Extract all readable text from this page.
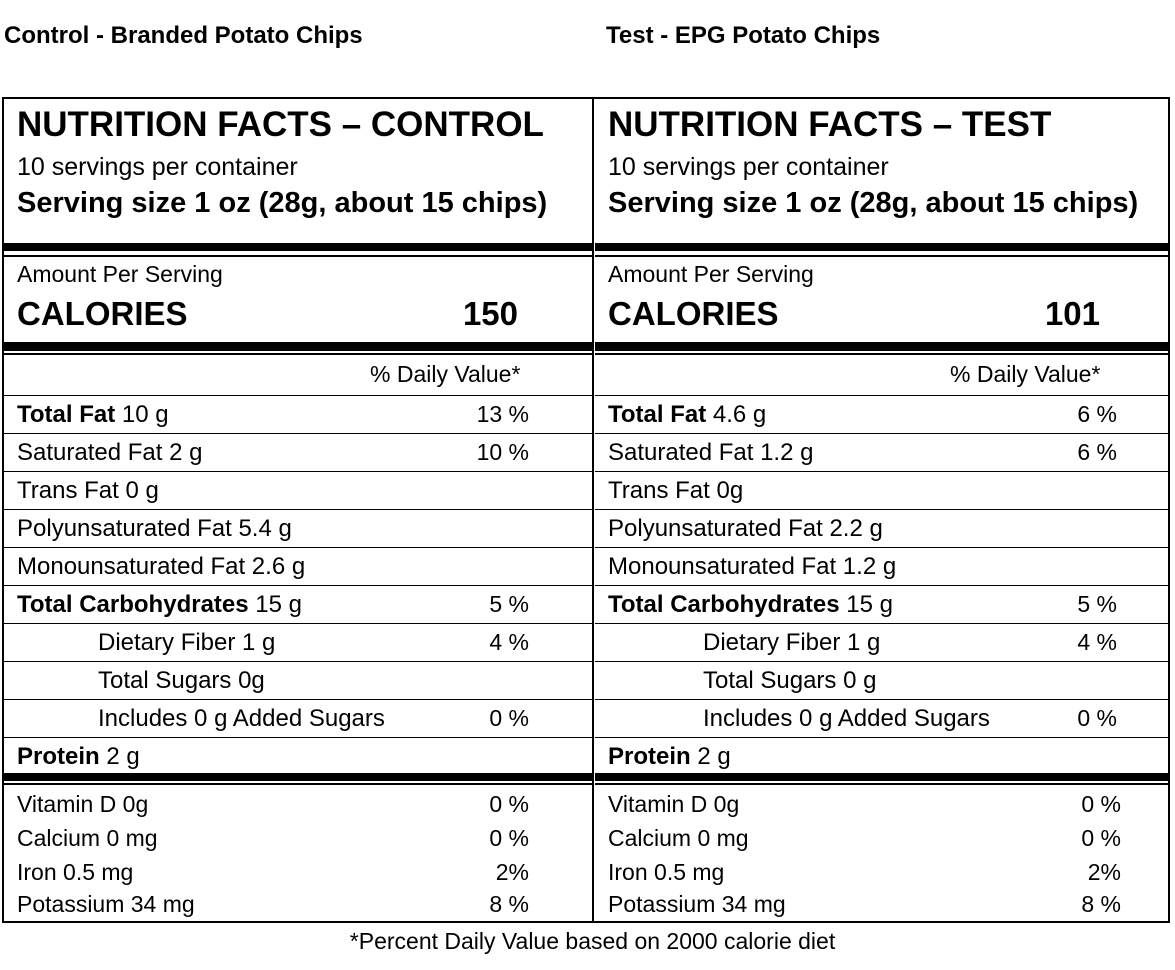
Control - Branded Potato Chips	Test - EPG Potato Chips
NUTRITION FACTS – CONTROL
10 servings per container
Serving size 1 oz (28g, about 15 chips)
Amount Per Serving
CALORIES	150
% Daily Value*
Total Fat 10 g	13 %
Saturated Fat 2 g	10 %
Trans Fat 0 g
Polyunsaturated Fat 5.4 g
Monounsaturated Fat 2.6 g
Total Carbohydrates 15 g	5 %
Dietary Fiber 1 g	4 %
Total Sugars 0g
Includes 0 g Added Sugars	0 %
Protein 2 g
Vitamin D 0g	0 %
Calcium 0 mg	0 %
Iron 0.5 mg	2%
Potassium 34 mg	8 %
NUTRITION FACTS – TEST
10 servings per container
Serving size 1 oz (28g, about 15 chips)
Amount Per Serving
CALORIES	101
% Daily Value*
Total Fat 4.6 g	6 %
Saturated Fat 1.2 g	6 %
Trans Fat 0g
Polyunsaturated Fat 2.2 g
Monounsaturated Fat 1.2 g
Total Carbohydrates 15 g	5 %
Dietary Fiber 1 g	4 %
Total Sugars 0 g
Includes 0 g Added Sugars	0 %
Protein 2 g
Vitamin D 0g	0 %
Calcium 0 mg	0 %
Iron 0.5 mg	2%
Potassium 34 mg	8 %
*Percent Daily Value based on 2000 calorie diet
